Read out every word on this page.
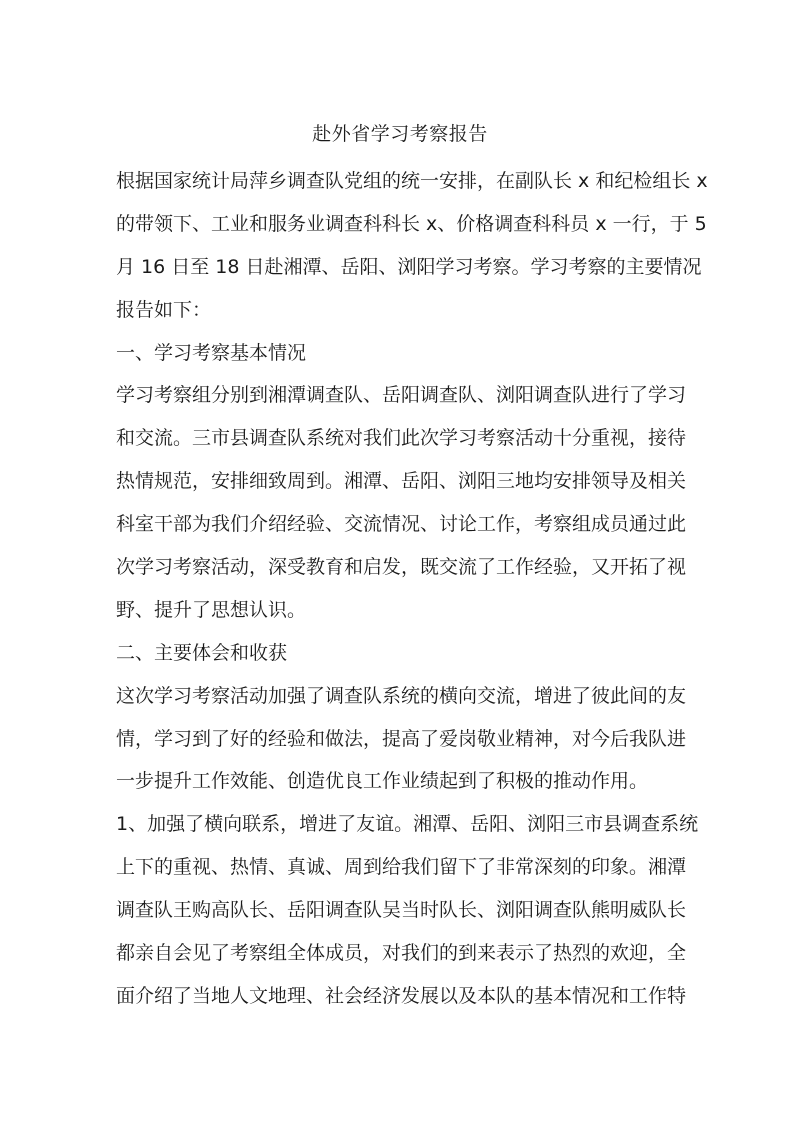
赴外省学习考察报告
根据国家统计局萍乡调查队党组的统一安排，在副队长 x 和纪检组长 x
的带领下、工业和服务业调查科科长 x、价格调查科科员 x 一行，于 5
月 16 日至 18 日赴湘潭、岳阳、浏阳学习考察。学习考察的主要情况
报告如下：
一、学习考察基本情况
学习考察组分别到湘潭调查队、岳阳调查队、浏阳调查队进行了学习
和交流。三市县调查队系统对我们此次学习考察活动十分重视，接待
热情规范，安排细致周到。湘潭、岳阳、浏阳三地均安排领导及相关
科室干部为我们介绍经验、交流情况、讨论工作，考察组成员通过此
次学习考察活动，深受教育和启发，既交流了工作经验，又开拓了视
野、提升了思想认识。
二、主要体会和收获
这次学习考察活动加强了调查队系统的横向交流，增进了彼此间的友
情，学习到了好的经验和做法，提高了爱岗敬业精神，对今后我队进
一步提升工作效能、创造优良工作业绩起到了积极的推动作用。
1、加强了横向联系，增进了友谊。湘潭、岳阳、浏阳三市县调查系统
上下的重视、热情、真诚、周到给我们留下了非常深刻的印象。湘潭
调查队王购高队长、岳阳调查队吴当时队长、浏阳调查队熊明威队长
都亲自会见了考察组全体成员，对我们的到来表示了热烈的欢迎，全
面介绍了当地人文地理、社会经济发展以及本队的基本情况和工作特
